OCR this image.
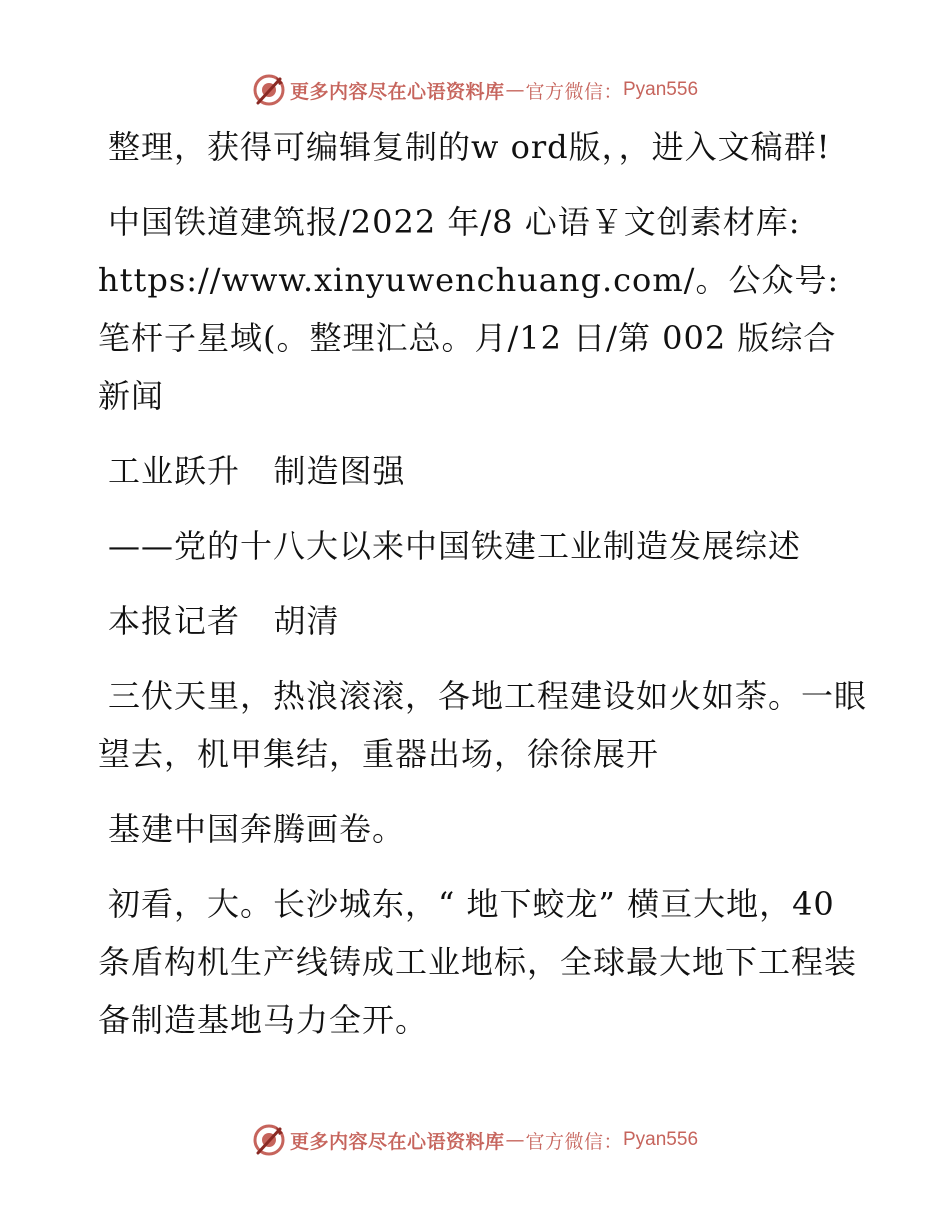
更多内容尽在心语资料库 — 官方微信： Pyan556

整理，获得可编辑复制的w ord版，，进入文稿群!

中国铁道建筑报/2022 年/8 心语￥文创素材库: https://www.xinyuwenchuang.com/。公众号: 笔杆子星域(。整理汇总。月/12 日/第 002 版综合新闻

工业跃升   制造图强

——党的十八大以来中国铁建工业制造发展综述

本报记者   胡清

三伏天里，热浪滚滚，各地工程建设如火如荼。一眼望去，机甲集结，重器出场，徐徐展开

基建中国奔腾画卷。

初看，大。长沙城东，“ 地下蛟龙” 横亘大地，40 条盾构机生产线铸成工业地标，全球最大地下工程装备制造基地马力全开。

更多内容尽在心语资料库 — 官方微信： Pyan556
